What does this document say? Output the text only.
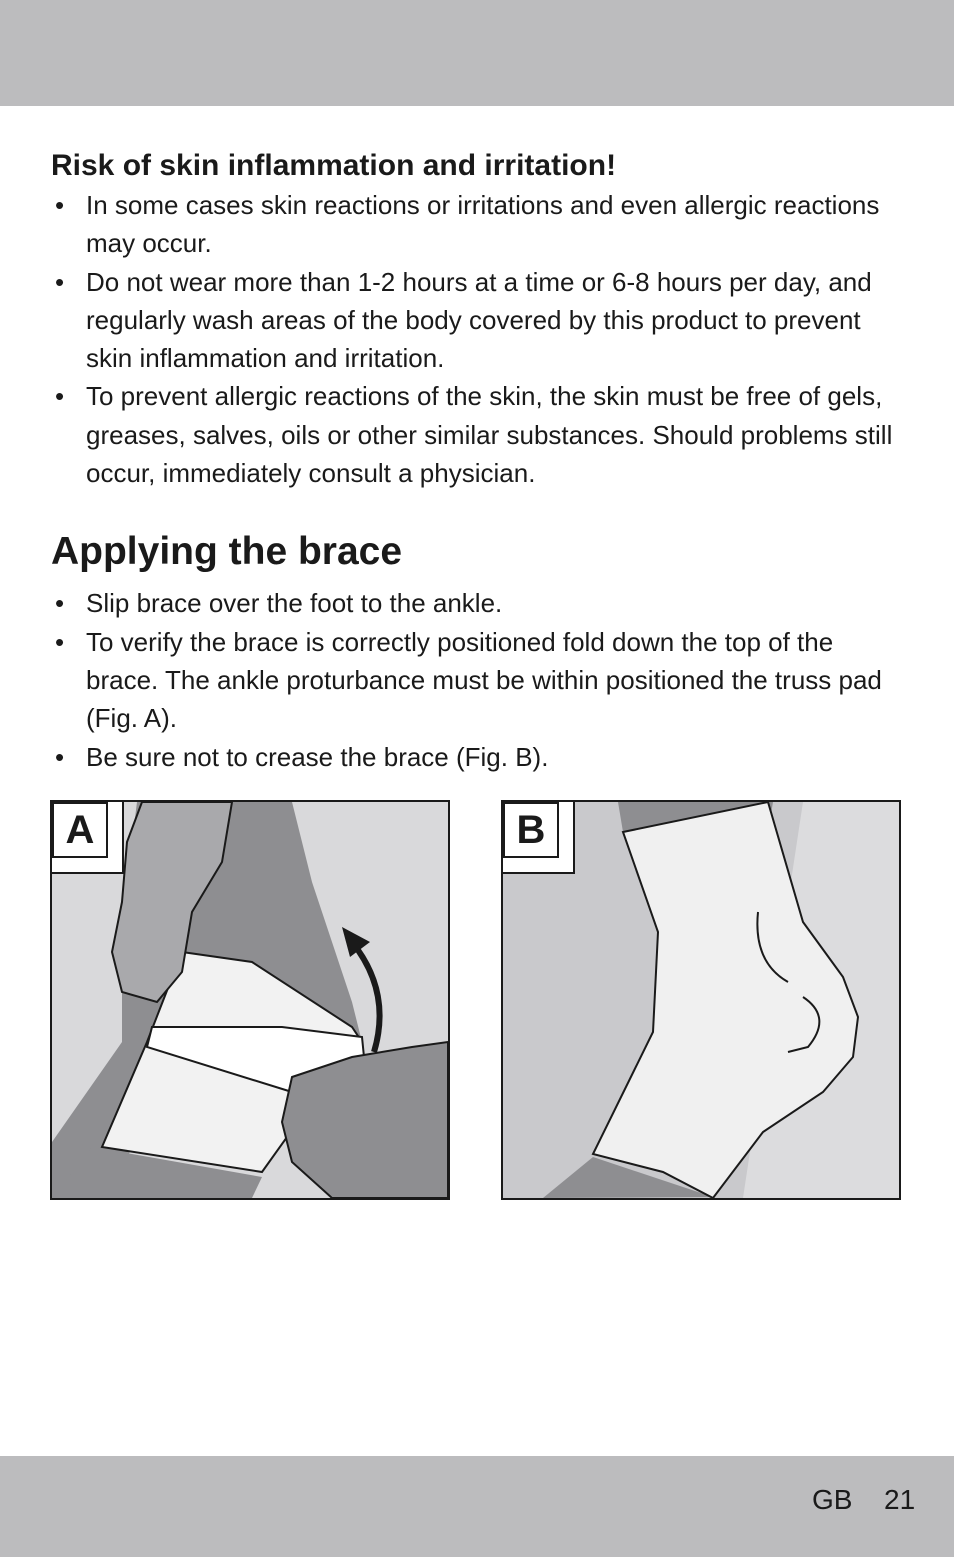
Risk of skin inflammation and irritation!
• In some cases skin reactions or irritations and even allergic reactions may occur.
• Do not wear more than 1-2 hours at a time or 6-8 hours per day, and regularly wash areas of the body covered by this product to prevent skin inflammation and irritation.
• To prevent allergic reactions of the skin, the skin must be free of gels, greases, salves, oils or other similar substances. Should problems still occur, immediately consult a physician.
Applying the brace
• Slip brace over the foot to the ankle.
• To verify the brace is correctly positioned fold down the top of the brace. The ankle proturbance must be within positioned the truss pad (Fig. A).
• Be sure not to crease the brace (Fig. B).
A	B
GB 21
